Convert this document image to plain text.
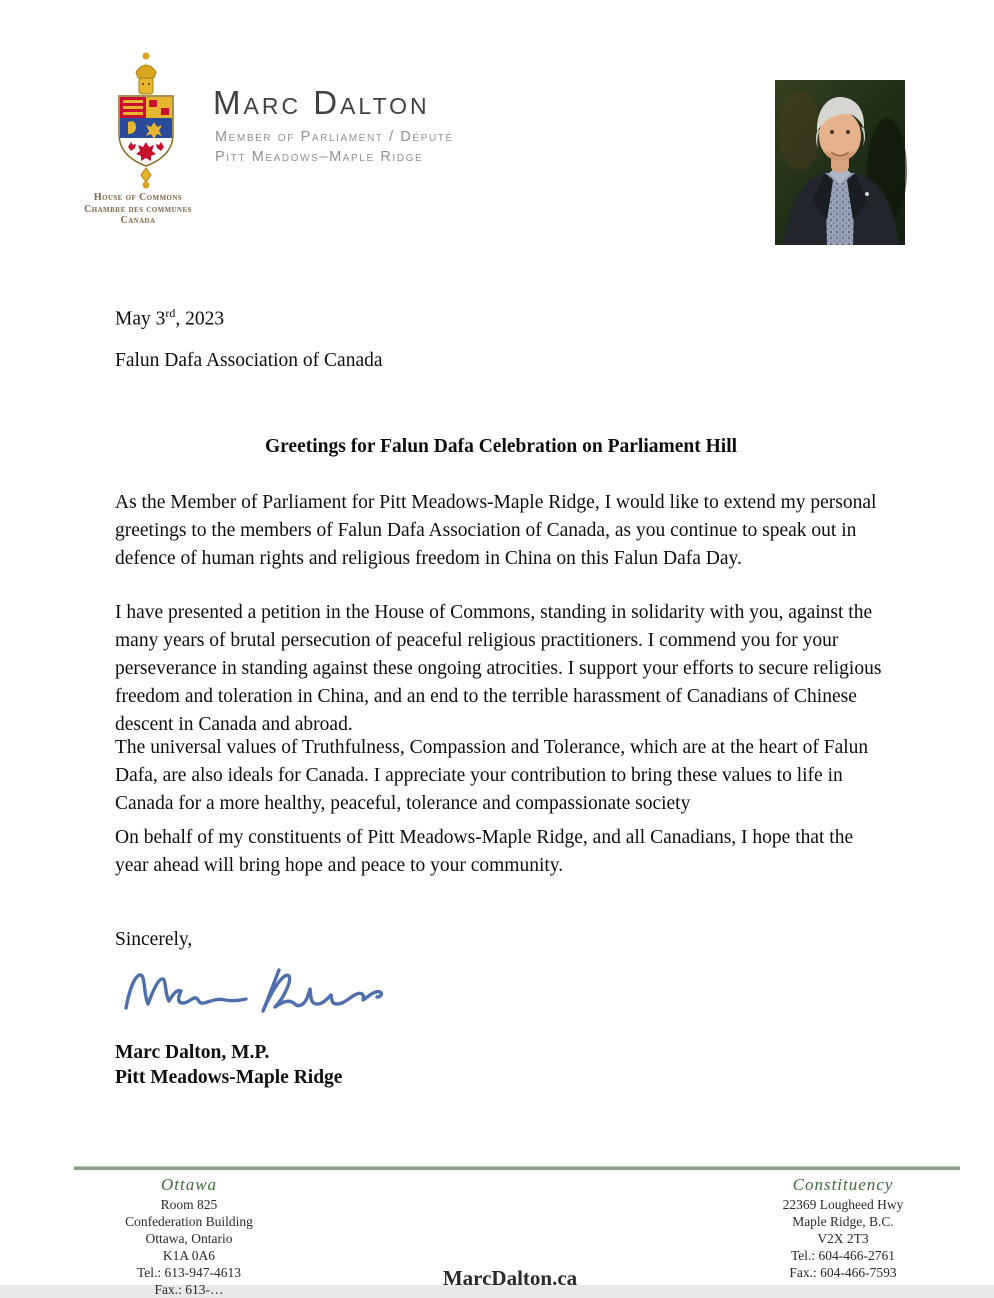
House of Commons
Chambre des communes
Canada
Marc Dalton
Member of Parliament / Député
Pitt Meadows–Maple Ridge
May 3rd, 2023
Falun Dafa Association of Canada
Greetings for Falun Dafa Celebration on Parliament Hill
As the Member of Parliament for Pitt Meadows-Maple Ridge, I would like to extend my personal greetings to the members of Falun Dafa Association of Canada, as you continue to speak out in defence of human rights and religious freedom in China on this Falun Dafa Day.
I have presented a petition in the House of Commons, standing in solidarity with you, against the many years of brutal persecution of peaceful religious practitioners. I commend you for your perseverance in standing against these ongoing atrocities. I support your efforts to secure religious freedom and toleration in China, and an end to the terrible harassment of Canadians of Chinese descent in Canada and abroad.
The universal values of Truthfulness, Compassion and Tolerance, which are at the heart of Falun Dafa, are also ideals for Canada. I appreciate your contribution to bring these values to life in Canada for a more healthy, peaceful, tolerance and compassionate society
On behalf of my constituents of Pitt Meadows-Maple Ridge, and all Canadians, I hope that the year ahead will bring hope and peace to your community.
Sincerely,
Marc Dalton, M.P.
Pitt Meadows-Maple Ridge
Ottawa
Room 825
Confederation Building
Ottawa, Ontario
K1A 0A6
Tel.: 613-947-4613
Fax.: 613-…
Constituency
22369 Lougheed Hwy
Maple Ridge, B.C.
V2X 2T3
Tel.: 604-466-2761
Fax.: 604-466-7593
MarcDalton.ca
